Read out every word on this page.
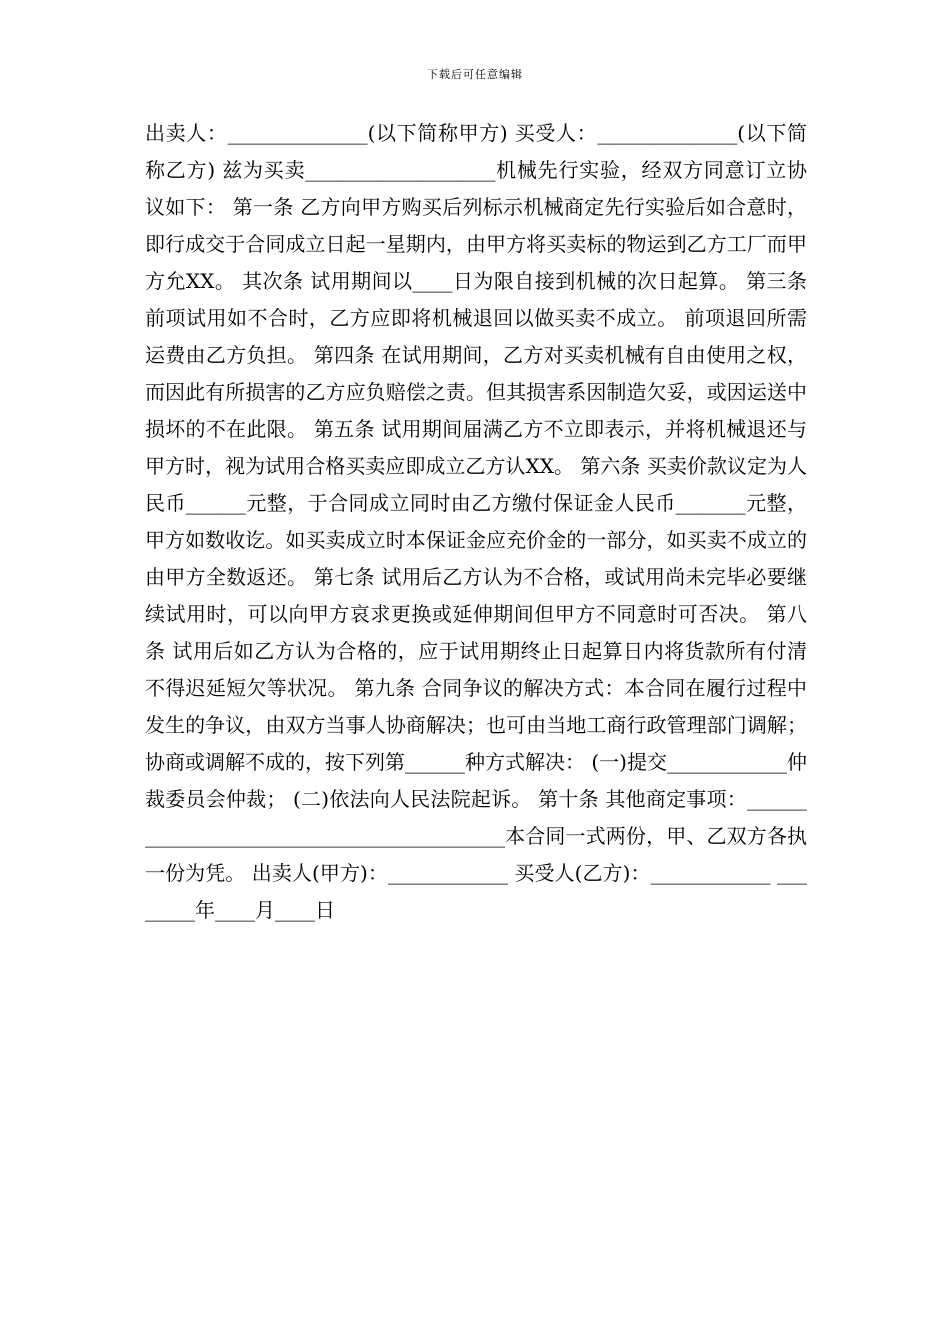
下载后可任意编辑
出卖人：______________(以下简称甲方) 买受人：______________(以下简称乙方) 兹为买卖___________________机械先行实验，经双方同意订立协议如下： 第一条 乙方向甲方购买后列标示机械商定先行实验后如合意时，即行成交于合同成立日起一星期内，由甲方将买卖标的物运到乙方工厂而甲方允XX。 其次条 试用期间以____日为限自接到机械的次日起算。 第三条 前项试用如不合时，乙方应即将机械退回以做买卖不成立。 前项退回所需运费由乙方负担。 第四条 在试用期间，乙方对买卖机械有自由使用之权，而因此有所损害的乙方应负赔偿之责。但其损害系因制造欠妥，或因运送中损坏的不在此限。 第五条 试用期间届满乙方不立即表示，并将机械退还与甲方时，视为试用合格买卖应即成立乙方认XX。 第六条 买卖价款议定为人民币______元整，于合同成立同时由乙方缴付保证金人民币_______元整，甲方如数收讫。如买卖成立时本保证金应充价金的一部分，如买卖不成立的由甲方全数返还。 第七条 试用后乙方认为不合格，或试用尚未完毕必要继续试用时，可以向甲方哀求更换或延伸期间但甲方不同意时可否决。 第八条 试用后如乙方认为合格的，应于试用期终止日起算日内将货款所有付清不得迟延短欠等状况。 第九条 合同争议的解决方式：本合同在履行过程中发生的争议，由双方当事人协商解决；也可由当地工商行政管理部门调解；协商或调解不成的，按下列第______种方式解决： (一)提交____________仲裁委员会仲裁； (二)依法向人民法院起诉。 第十条 其他商定事项：__________________________________________本合同一式两份，甲、乙双方各执一份为凭。 出卖人(甲方)：____________ 买受人(乙方)：____________ ________年____月____日
